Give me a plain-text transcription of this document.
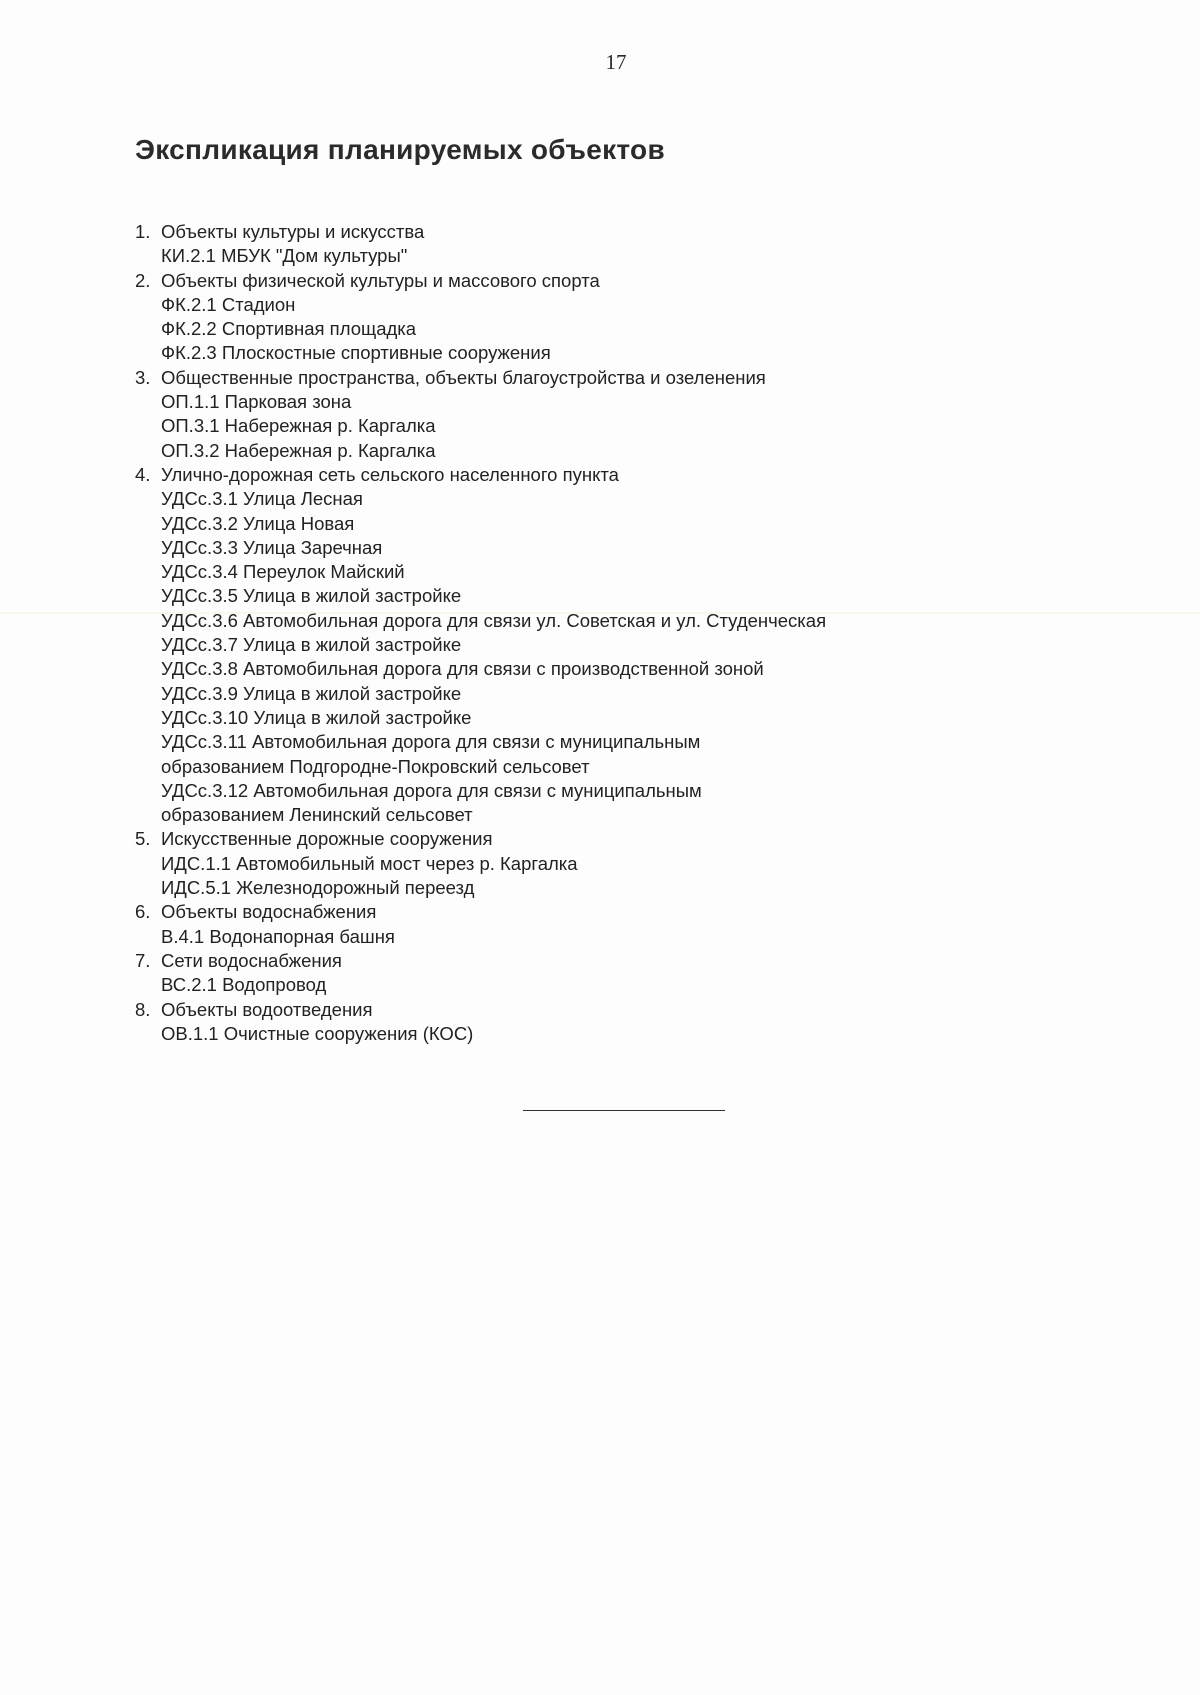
17
Экспликация планируемых объектов
1. Объекты культуры и искусства
КИ.2.1 МБУК "Дом культуры"
2. Объекты физической культуры и массового спорта
ФК.2.1 Стадион
ФК.2.2 Спортивная площадка
ФК.2.3 Плоскостные спортивные сооружения
3. Общественные пространства, объекты благоустройства и озеленения
ОП.1.1 Парковая зона
ОП.3.1 Набережная р. Каргалка
ОП.3.2 Набережная р. Каргалка
4. Улично-дорожная сеть сельского населенного пункта
УДСс.3.1 Улица Лесная
УДСс.3.2 Улица Новая
УДСс.3.3 Улица Заречная
УДСс.3.4 Переулок Майский
УДСс.3.5 Улица в жилой застройке
УДСс.3.6 Автомобильная дорога для связи ул. Советская и ул. Студенческая
УДСс.3.7 Улица в жилой застройке
УДСс.3.8 Автомобильная дорога для связи с производственной зоной
УДСс.3.9 Улица в жилой застройке
УДСс.3.10 Улица в жилой застройке
УДСс.3.11 Автомобильная дорога для связи с муниципальным
образованием Подгородне-Покровский сельсовет
УДСс.3.12 Автомобильная дорога для связи с муниципальным
образованием Ленинский сельсовет
5. Искусственные дорожные сооружения
ИДС.1.1 Автомобильный мост через р. Каргалка
ИДС.5.1 Железнодорожный переезд
6. Объекты водоснабжения
В.4.1 Водонапорная башня
7. Сети водоснабжения
ВС.2.1 Водопровод
8. Объекты водоотведения
ОВ.1.1 Очистные сооружения (КОС)
